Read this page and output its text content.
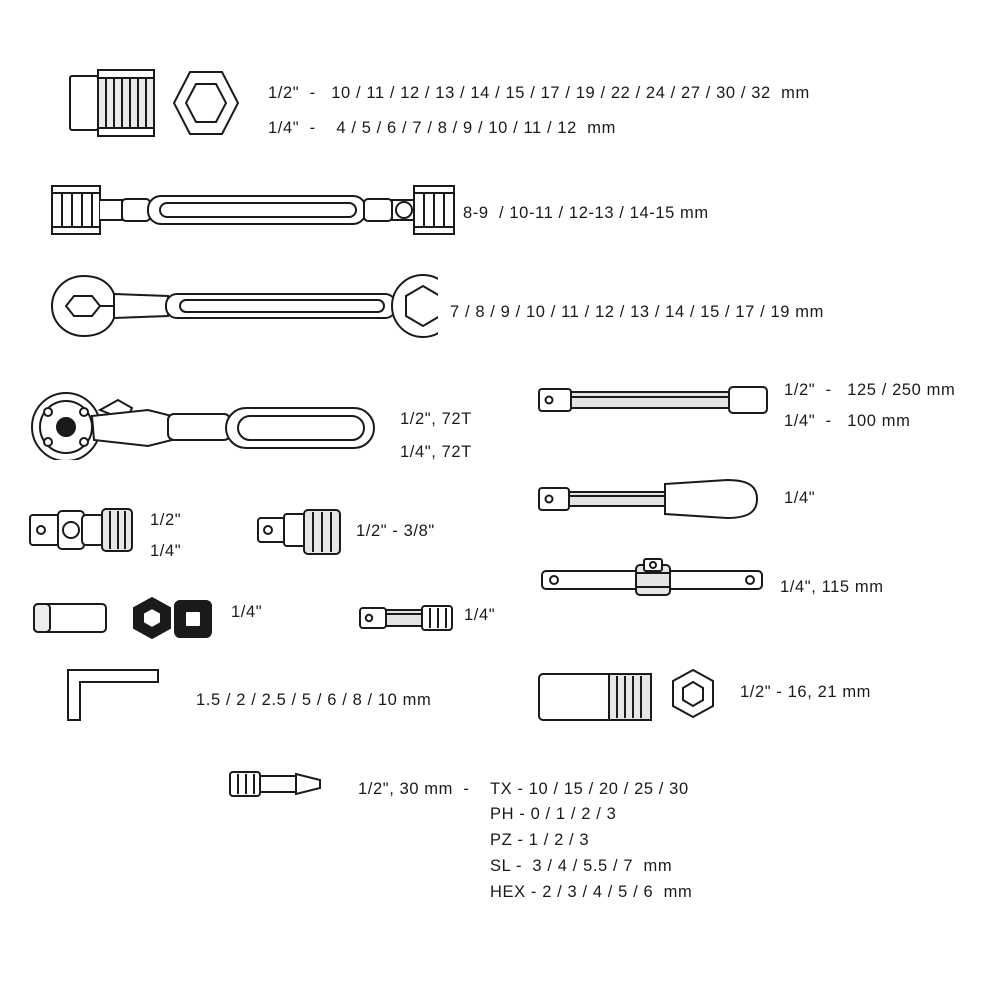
1/2"  -   10 / 11 / 12 / 13 / 14 / 15 / 17 / 19 / 22 / 24 / 27 / 30 / 32  mm
1/4"  -    4 / 5 / 6 / 7 / 8 / 9 / 10 / 11 / 12  mm
8-9  / 10-11 / 12-13 / 14-15 mm
7 / 8 / 9 / 10 / 11 / 12 / 13 / 14 / 15 / 17 / 19 mm
1/2", 72T
1/4", 72T
1/2"  -   125 / 250 mm
1/4"  -   100 mm
1/2"
1/4"
1/2" - 3/8"
1/4"
1/4"	1/4"
1/4", 115 mm
1.5 / 2 / 2.5 / 5 / 6 / 8 / 10 mm	1/2" - 16, 21 mm
1/2", 30 mm  - TX - 10 / 15 / 20 / 25 / 30
PH - 0 / 1 / 2 / 3
PZ - 1 / 2 / 3
SL -  3 / 4 / 5.5 / 7  mm
HEX - 2 / 3 / 4 / 5 / 6  mm
